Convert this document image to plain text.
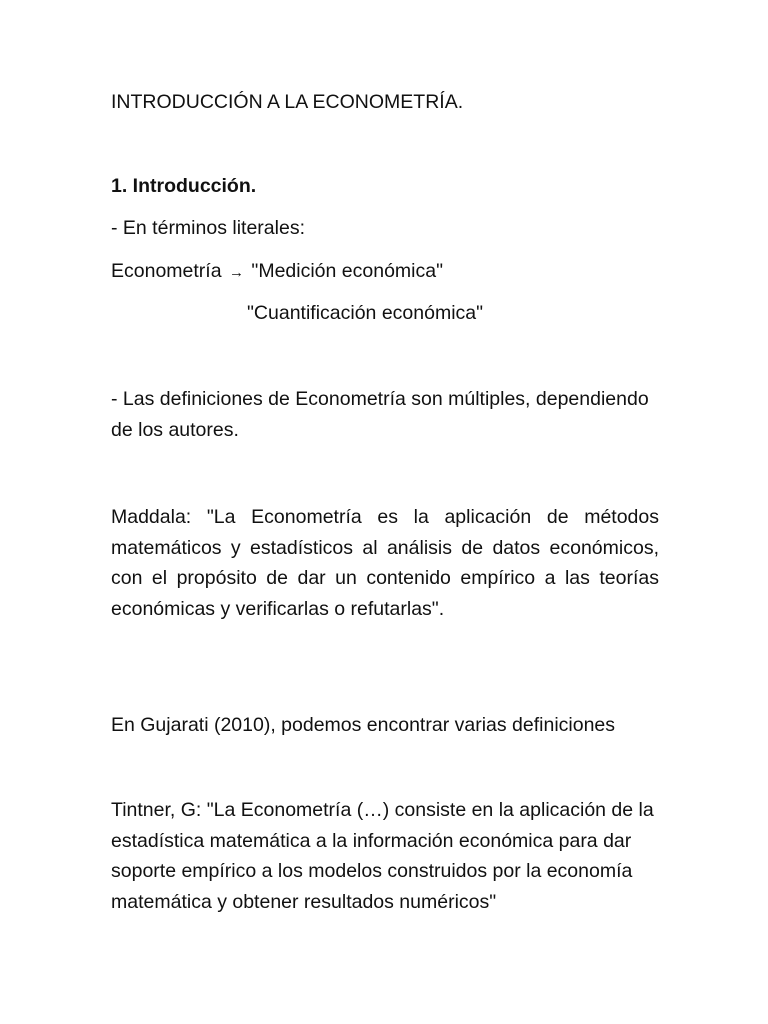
INTRODUCCIÓN A LA ECONOMETRÍA.
1. Introducción.
- En términos literales:
Econometría → "Medición económica"
"Cuantificación económica"
- Las definiciones de Econometría son múltiples, dependiendo de los autores.
Maddala: "La Econometría es la aplicación de métodos matemáticos y estadísticos al análisis de datos económicos, con el propósito de dar un contenido empírico a las teorías económicas y verificarlas o refutarlas".
En Gujarati (2010), podemos encontrar varias definiciones
Tintner, G: "La Econometría (…) consiste en la aplicación de la estadística matemática a la información económica para dar soporte empírico a los modelos construidos por la economía matemática y obtener resultados numéricos"
